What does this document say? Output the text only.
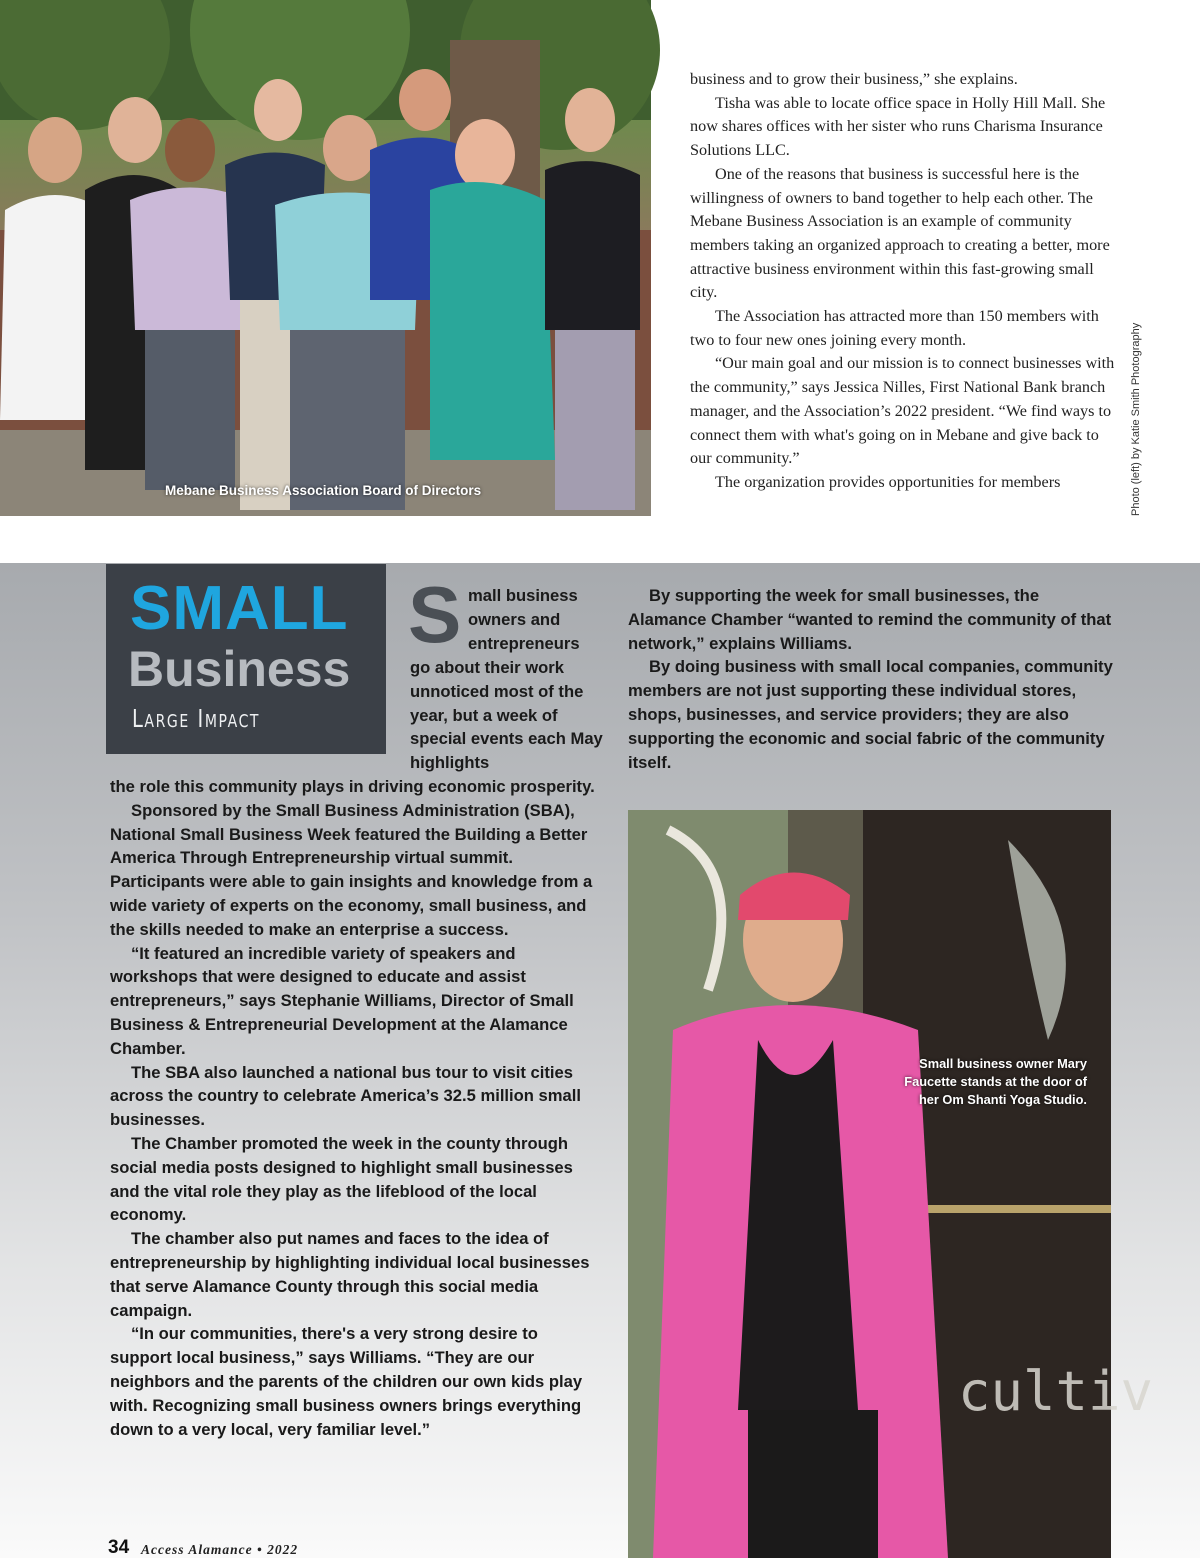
Mebane Business Association Board of Directors

business and to grow their business,” she explains.

Tisha was able to locate office space in Holly Hill Mall. She now shares offices with her sister who runs Charisma Insurance Solutions LLC.

One of the reasons that business is successful here is the willingness of owners to band together to help each other. The Mebane Business Association is an example of community members taking an organized approach to creating a better, more attractive business environment within this fast-growing small city.

The Association has attracted more than 150 members with two to four new ones joining every month.

“Our main goal and our mission is to connect businesses with the community,” says Jessica Nilles, First National Bank branch manager, and the Association’s 2022 president. “We find ways to connect them with what's going on in Mebane and give back to our community.”

The organization provides opportunities for members	Photo (left) by Katie Smith Photography
SMALL
Business
Large Impact
S mall business owners and entrepreneurs
go about their work unnoticed most of the year, but a week of special events each May highlights

the role this community plays in driving economic prosperity.

Sponsored by the Small Business Administration (SBA), National Small Business Week featured the Building a Better America Through Entrepreneurship virtual summit. Participants were able to gain insights and knowledge from a wide variety of experts on the economy, small business, and the skills needed to make an enterprise a success.

“It featured an incredible variety of speakers and workshops that were designed to educate and assist entrepreneurs,” says Stephanie Williams, Director of Small Business & Entrepreneurial Development at the Alamance Chamber.

The SBA also launched a national bus tour to visit cities across the country to celebrate America’s 32.5 million small businesses.

The Chamber promoted the week in the county through social media posts designed to highlight small businesses and the vital role they play as the lifeblood of the local economy.

The chamber also put names and faces to the idea of entrepreneurship by highlighting individual local businesses that serve Alamance County through this social media campaign.

“In our communities, there's a very strong desire to support local business,” says Williams. “They are our neighbors and the parents of the children our own kids play with. Recognizing small business owners brings everything down to a very local, very familiar level.”

By supporting the week for small businesses, the Alamance Chamber “wanted to remind the community of that network,” explains Williams.

By doing business with small local companies, community members are not just supporting these individual stores, shops, businesses, and service providers; they are also supporting the economic and social fabric of the community itself.

cultiv
Small business owner Mary Faucette stands at the door of her Om Shanti Yoga Studio.
34 Access Alamance • 2022
